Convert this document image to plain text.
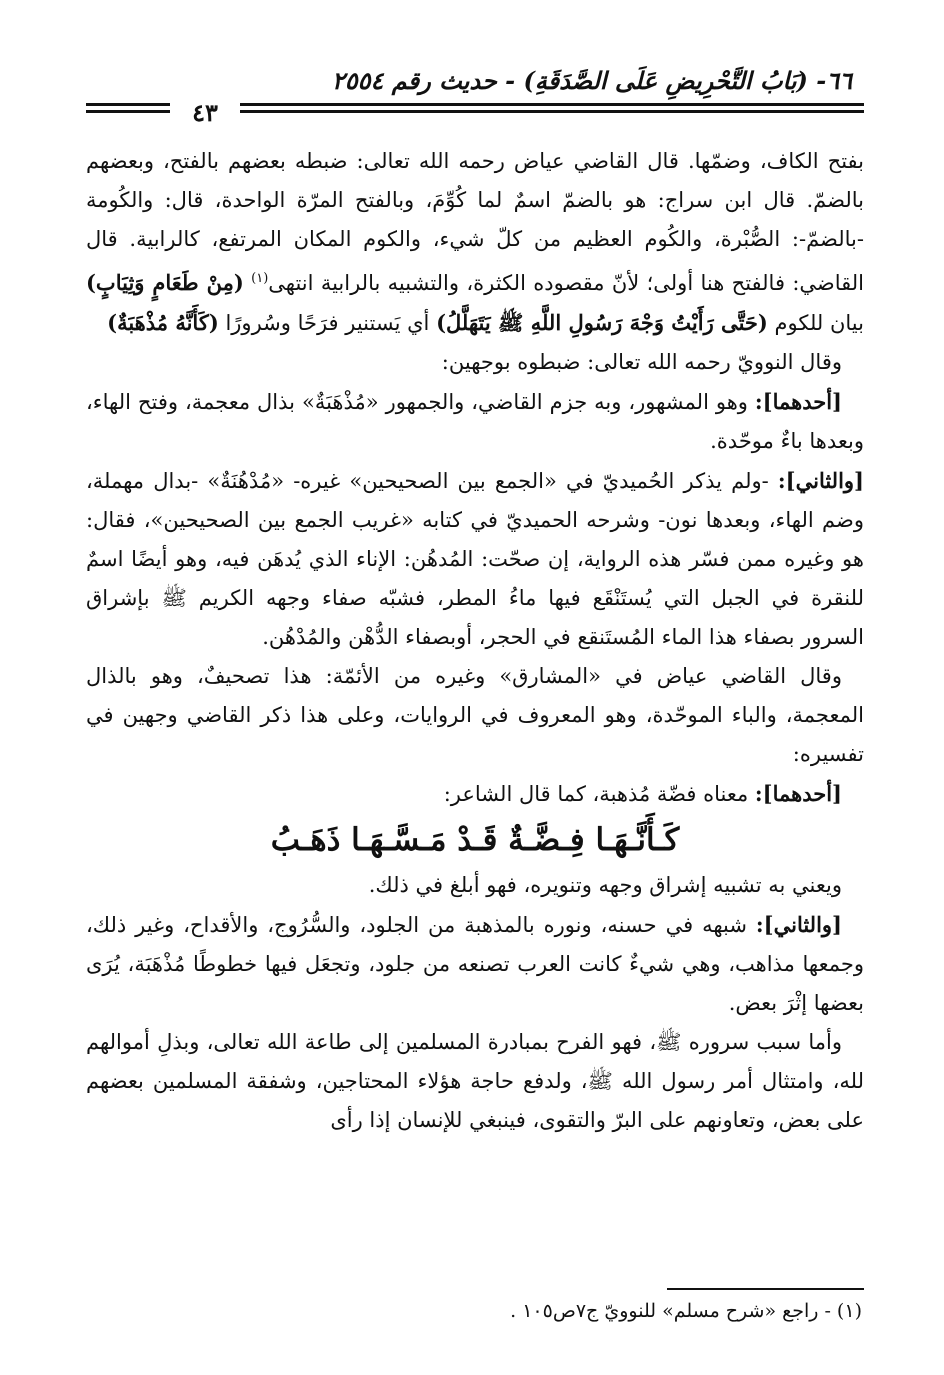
٦٦- (بَابُ التَّحْرِيضِ عَلَى الصَّدَقَةِ) - حديث رقم ٢٥٥٤
٤٣

بفتح الكاف، وضمّها. قال القاضي عياض رحمه الله تعالى: ضبطه بعضهم بالفتح، وبعضهم بالضمّ. قال ابن سراج: هو بالضمّ اسمٌ لما كُوِّمَ، وبالفتح المرّة الواحدة، قال: والكُومة -بالضمّ-: الصُّبْرة، والكُوم العظيم من كلّ شيء، والكوم المكان المرتفع، كالرابية. قال القاضي: فالفتح هنا أولى؛ لأنّ مقصوده الكثرة، والتشبيه بالرابية انتهى$^{(١)}$ (مِنْ طَعَامٍ وَثِيَابٍ) بيان للكوم (حَتَّى رَأَيْتُ وَجْهَ رَسُولِ اللَّهِ ﷺ يَتَهَلَّلُ) أي يَستنير فرَحًا وسُرورًا (كَأَنَّهُ مُذْهَبَةٌ)

وقال النوويّ رحمه الله تعالى: ضبطوه بوجهين:

[أحدهما]: وهو المشهور، وبه جزم القاضي، والجمهور «مُذْهَبَةٌ» بذال معجمة، وفتح الهاء، وبعدها باءٌ موحّدة.

[والثاني]: -ولم يذكر الحُميديّ في «الجمع بين الصحيحين» غيره- «مُدْهُنَةٌ» -بدال مهملة، وضم الهاء، وبعدها نون- وشرحه الحميديّ في كتابه «غريب الجمع بين الصحيحين»، فقال: هو وغيره ممن فسّر هذه الرواية، إن صحّت: المُدهُن: الإناء الذي يُدهَن فيه، وهو أيضًا اسمٌ للنقرة في الجبل التي يُستَنْقَع فيها ماءُ المطر، فشبّه صفاء وجهه الكريم ﷺ بإشراق السرور بصفاء هذا الماء المُستَنقع في الحجر، أوبصفاء الدُّهْن والمُدْهُن.

وقال القاضي عياض في «المشارق» وغيره من الأئمّة: هذا تصحيفٌ، وهو بالذال المعجمة، والباء الموحّدة، وهو المعروف في الروايات، وعلى هذا ذكر القاضي وجهين في تفسيره:

[أحدهما]: معناه فضّة مُذهبة، كما قال الشاعر:

كَـأَنَّـهَـا فِـضَّـةٌ قَـدْ مَـسَّـهَـا ذَهَـبُ

ويعني به تشبيه إشراق وجهه وتنويره، فهو أبلغ في ذلك.

[والثاني]: شبهه في حسنه، ونوره بالمذهبة من الجلود، والسُّرُوج، والأقداح، وغير ذلك، وجمعها مذاهب، وهي شيءٌ كانت العرب تصنعه من جلود، وتجعَل فيها خطوطًا مُذْهَبَة، يُرَى بعضها إثْرَ بعض.

وأما سبب سروره ﷺ، فهو الفرح بمبادرة المسلمين إلى طاعة الله تعالى، وبذلِ أموالهم لله، وامتثال أمر رسول الله ﷺ، ولدفع حاجة هؤلاء المحتاجين، وشفقة المسلمين بعضهم على بعض، وتعاونهم على البرّ والتقوى، فينبغي للإنسان إذا رأى

(١) - راجع «شرح مسلم» للنوويّ ج٧ص١٠٥ .
